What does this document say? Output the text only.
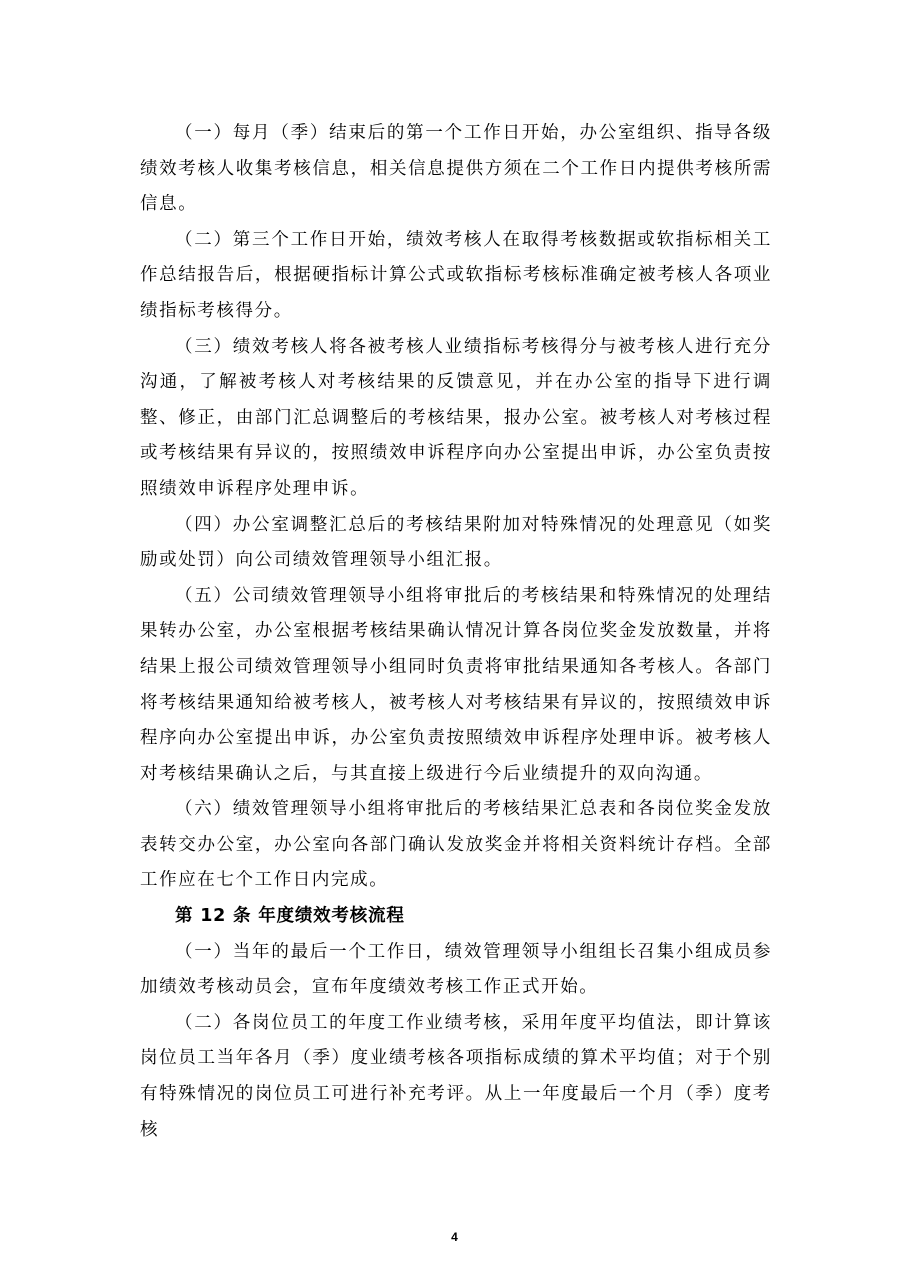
（一）每月（季）结束后的第一个工作日开始，办公室组织、指导各级绩效考核人收集考核信息，相关信息提供方须在二个工作日内提供考核所需信息。

（二）第三个工作日开始，绩效考核人在取得考核数据或软指标相关工作总结报告后，根据硬指标计算公式或软指标考核标准确定被考核人各项业绩指标考核得分。

（三）绩效考核人将各被考核人业绩指标考核得分与被考核人进行充分沟通，了解被考核人对考核结果的反馈意见，并在办公室的指导下进行调整、修正，由部门汇总调整后的考核结果，报办公室。被考核人对考核过程或考核结果有异议的，按照绩效申诉程序向办公室提出申诉，办公室负责按照绩效申诉程序处理申诉。

（四）办公室调整汇总后的考核结果附加对特殊情况的处理意见（如奖励或处罚）向公司绩效管理领导小组汇报。

（五）公司绩效管理领导小组将审批后的考核结果和特殊情况的处理结果转办公室，办公室根据考核结果确认情况计算各岗位奖金发放数量，并将结果上报公司绩效管理领导小组同时负责将审批结果通知各考核人。各部门将考核结果通知给被考核人，被考核人对考核结果有异议的，按照绩效申诉程序向办公室提出申诉，办公室负责按照绩效申诉程序处理申诉。被考核人对考核结果确认之后，与其直接上级进行今后业绩提升的双向沟通。

（六）绩效管理领导小组将审批后的考核结果汇总表和各岗位奖金发放表转交办公室，办公室向各部门确认发放奖金并将相关资料统计存档。全部工作应在七个工作日内完成。

第 12 条 年度绩效考核流程

（一）当年的最后一个工作日，绩效管理领导小组组长召集小组成员参加绩效考核动员会，宣布年度绩效考核工作正式开始。

（二）各岗位员工的年度工作业绩考核，采用年度平均值法，即计算该岗位员工当年各月（季）度业绩考核各项指标成绩的算术平均值；对于个别有特殊情况的岗位员工可进行补充考评。从上一年度最后一个月（季）度考核

4
